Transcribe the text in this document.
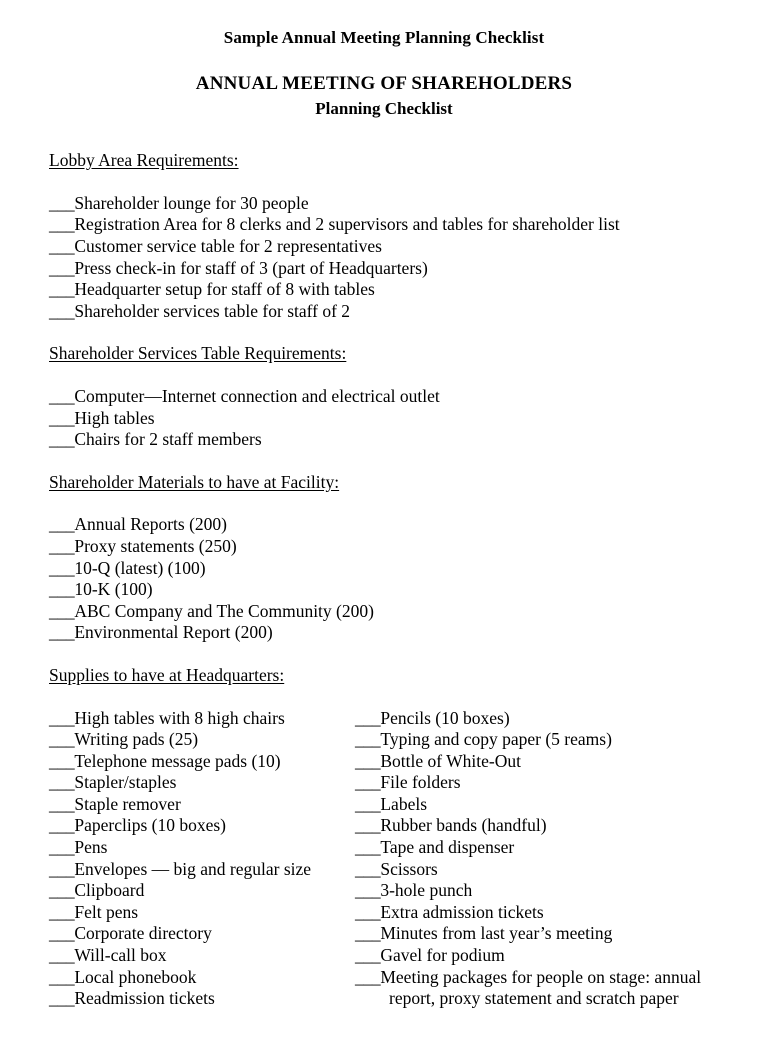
Sample Annual Meeting Planning Checklist
ANNUAL MEETING OF SHAREHOLDERS
Planning Checklist
Lobby Area Requirements:
___Shareholder lounge for 30 people
___Registration Area for 8 clerks and 2 supervisors and tables for shareholder list
___Customer service table for 2 representatives
___Press check-in for staff of 3 (part of Headquarters)
___Headquarter setup for staff of 8 with tables
___Shareholder services table for staff of 2
Shareholder Services Table Requirements:
___Computer—Internet connection and electrical outlet
___High tables
___Chairs for 2 staff members
Shareholder Materials to have at Facility:
___Annual Reports (200)
___Proxy statements (250)
___10-Q (latest) (100)
___10-K (100)
___ABC Company and The Community (200)
___Environmental Report (200)
Supplies to have at Headquarters:
___High tables with 8 high chairs
___Writing pads (25)
___Telephone message pads (10)
___Stapler/staples
___Staple remover
___Paperclips (10 boxes)
___Pens
___Envelopes — big and regular size
___Clipboard
___Felt pens
___Corporate directory
___Will-call box
___Local phonebook
___Readmission tickets
___Pencils (10 boxes)
___Typing and copy paper (5 reams)
___Bottle of White-Out
___File folders
___Labels
___Rubber bands (handful)
___Tape and dispenser
___Scissors
___3-hole punch
___Extra admission tickets
___Minutes from last year’s meeting
___Gavel for podium
___Meeting packages for people on stage: annual report, proxy statement and scratch paper
